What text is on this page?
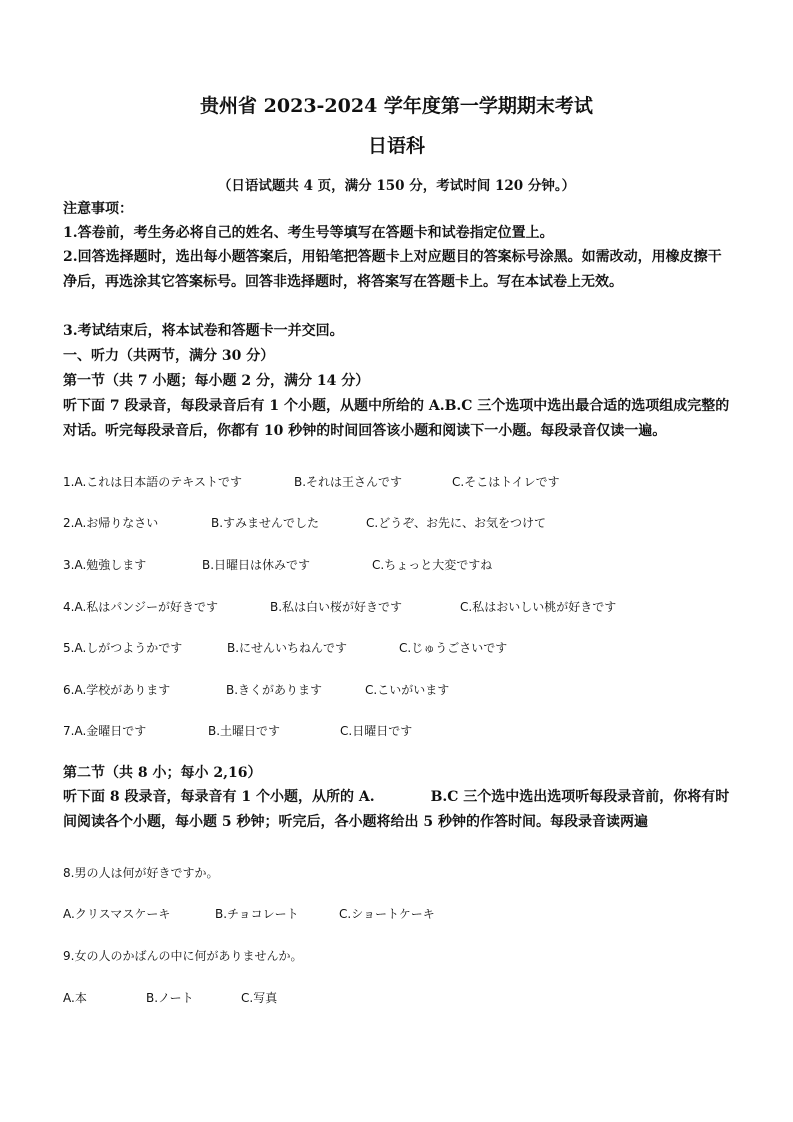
贵州省 2023-2024 学年度第一学期期末考试
日语科
（日语试题共 4 页，满分 150 分，考试时间 120 分钟。）

注意事项：

1.答卷前，考生务必将自己的姓名、考生号等填写在答题卡和试卷指定位置上。

2.回答选择题时，选出每小题答案后，用铅笔把答题卡上对应题目的答案标号涂黑。如需改动，用橡皮擦干净后，再选涂其它答案标号。回答非选择题时，将答案写在答题卡上。写在本试卷上无效。

3.考试结束后，将本试卷和答题卡一并交回。

一、听力（共两节，满分 30 分）

第一节（共 7 小题；每小题 2 分，满分 14 分）

听下面 7 段录音，每段录音后有 1 个小题，从题中所给的 A.B.C 三个选项中选出最合适的选项组成完整的对话。听完每段录音后，你都有 10 秒钟的时间回答该小题和阅读下一小题。每段录音仅读一遍。

1.A.これは日本語のテキストです	B.それは王さんです	C.そこはトイレです
2.A.お帰りなさい	B.すみませんでした	C.どうぞ、お先に、お気をつけて
3.A.勉強します	B.日曜日は休みです	C.ちょっと大変ですね
4.A.私はパンジーが好きです	B.私は白い桜が好きです	C.私はおいしい桃が好きです
5.A.しがつようかです	B.にせんいちねんです	C.じゅうごさいです
6.A.学校があります	B.きくがあります	C.こいがいます
7.A.金曜日です	B.土曜日です	C.日曜日です

第二节（共 8 小；每小 2,16）

听下面 8 段录音，每录音有 1 个小题，从所的 A.　　　　B.C 三个选中选出选项听每段录音前，你将有时间阅读各个小题，每小题 5 秒钟；听完后，各小题将给出 5 秒钟的作答时间。每段录音读两遍

8.男の人は何が好きですか。
A.クリスマスケーキ	B.チョコレート	C.ショートケーキ
9.女の人のかばんの中に何がありませんか。
A.本	B.ノート	C.写真
